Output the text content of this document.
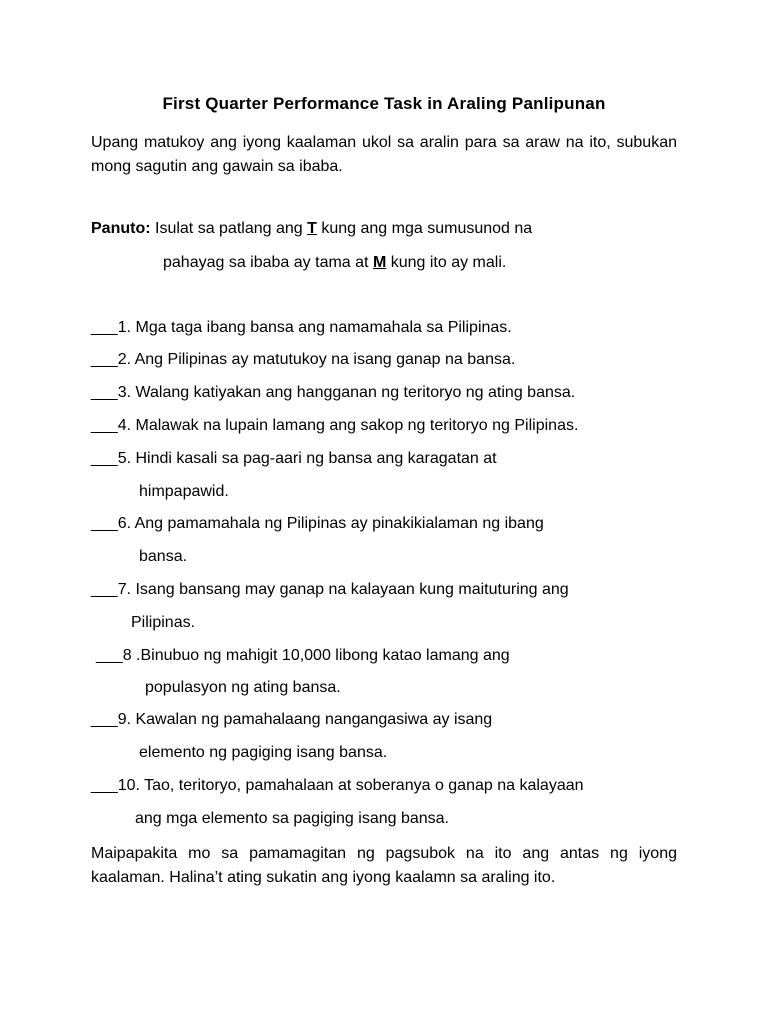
First Quarter Performance Task in Araling Panlipunan
Upang matukoy ang iyong kaalaman ukol sa aralin para sa araw na ito, subukan mong sagutin ang gawain sa ibaba.
Panuto: Isulat sa patlang ang T kung ang mga sumusunod na
pahayag sa ibaba ay tama at M kung ito ay mali.
___1. Mga taga ibang bansa ang namamahala sa Pilipinas.
___2. Ang Pilipinas ay matutukoy na isang ganap na bansa.
___3. Walang katiyakan ang hangganan ng teritoryo ng ating bansa.
___4. Malawak na lupain lamang ang sakop ng teritoryo ng Pilipinas.
___5. Hindi kasali sa pag-aari ng bansa ang karagatan at
himpapawid.
___6. Ang pamamahala ng Pilipinas ay pinakikialaman ng ibang
bansa.
___7. Isang bansang may ganap na kalayaan kung maituturing ang
Pilipinas.
___8 .Binubuo ng mahigit 10,000 libong katao lamang ang
populasyon ng ating bansa.
___9. Kawalan ng pamahalaang nangangasiwa ay isang
elemento ng pagiging isang bansa.
___10. Tao, teritoryo, pamahalaan at soberanya o ganap na kalayaan
ang mga elemento sa pagiging isang bansa.
Maipapakita mo sa pamamagitan ng pagsubok na ito ang antas ng iyong kaalaman. Halina’t ating sukatin ang iyong kaalamn sa araling ito.
